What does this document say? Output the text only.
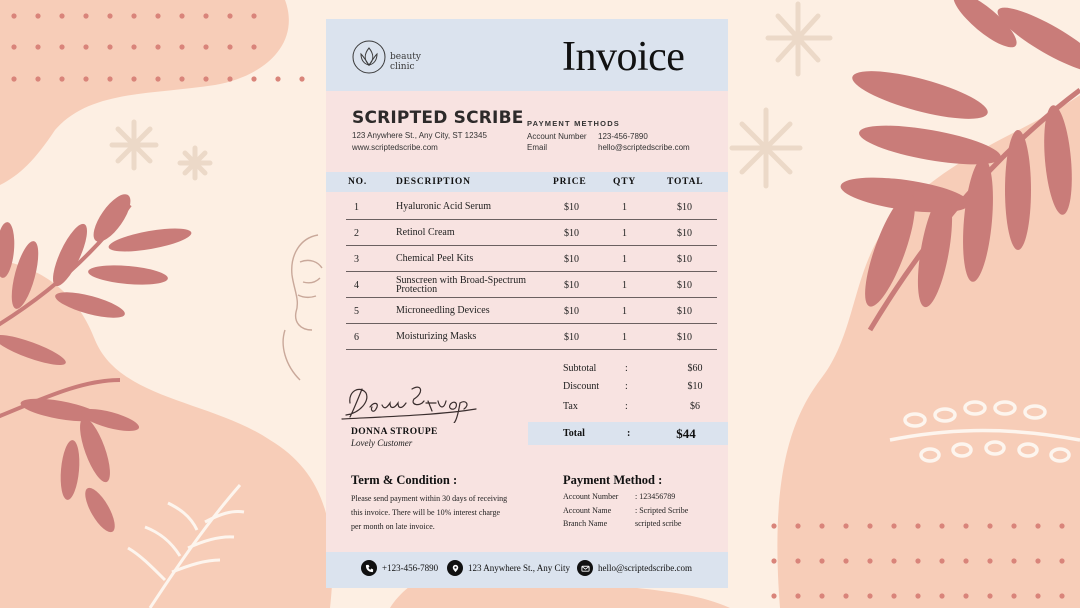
beauty
clinic	Invoice
SCRIPTED SCRIBE
123 Anywhere St., Any City, ST 12345
www.scriptedscribe.com
PAYMENT METHODS
Account Number 123-456-7890
Email	hello@scriptedscribe.com
NO.	DESCRIPTION	PRICE	QTY	TOTAL
1	Hyaluronic Acid Serum	$10	1	$10
2	Retinol Cream	$10	1	$10
3	Chemical Peel Kits	$10	1	$10
4	Sunscreen with Broad-Spectrum Protection	$10	1	$10
5	Microneedling Devices	$10	1	$10
6	Moisturizing Masks	$10	1	$10
DONNA STROUPE
Lovely Customer
Subtotal	:	$60
Discount	:	$10
Tax	:	$6
Total	:	$44
Term & Condition :
Please send payment within 30 days of receiving this invoice. There will be 10% interest charge per month on late invoice.
Payment Method :
Account Number : 123456789
Account Name	: Scripted Scribe
Branch Name	scripted scribe
+123-456-7890	123 Anywhere St., Any City	hello@scriptedscribe.com
